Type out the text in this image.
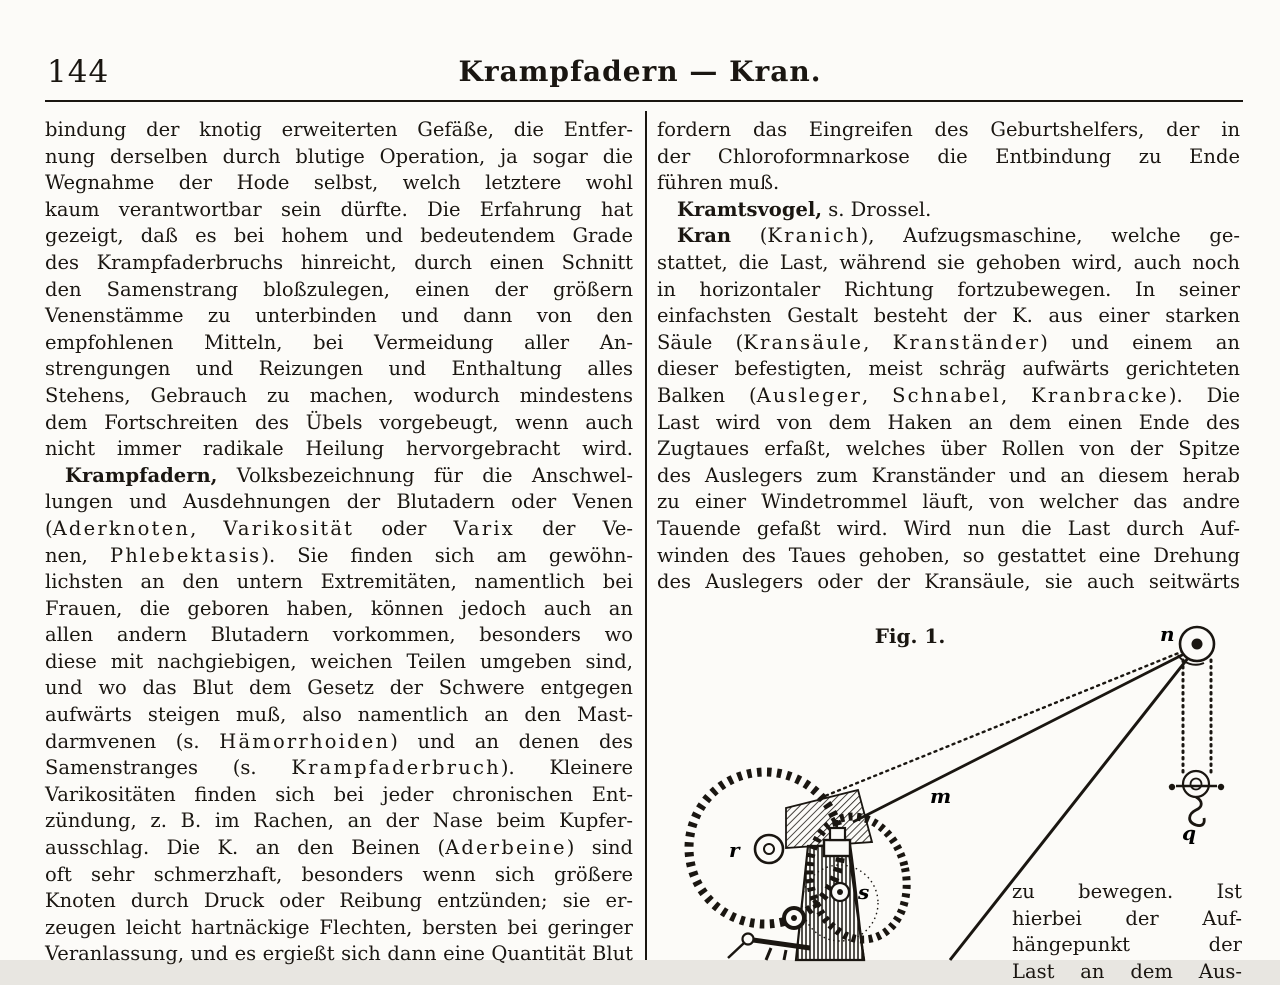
144	Krampfadern — Kran.
bindung der knotig erweiterten Gefäße, die Entfer-
nung derselben durch blutige Operation, ja sogar die
Wegnahme der Hode selbst, welch letztere wohl
kaum verantwortbar sein dürfte. Die Erfahrung hat
gezeigt, daß es bei hohem und bedeutendem Grade
des Krampfaderbruchs hinreicht, durch einen Schnitt
den Samenstrang bloßzulegen, einen der größern
Venenstämme zu unterbinden und dann von den
empfohlenen Mitteln, bei Vermeidung aller An-
strengungen und Reizungen und Enthaltung alles
Stehens, Gebrauch zu machen, wodurch mindestens
dem Fortschreiten des Übels vorgebeugt, wenn auch
nicht immer radikale Heilung hervorgebracht wird.
Krampfadern, Volksbezeichnung für die Anschwel-
lungen und Ausdehnungen der Blutadern oder Venen
(Aderknoten, Varikosität oder Varix der Ve-
nen, Phlebektasis). Sie finden sich am gewöhn-
lichsten an den untern Extremitäten, namentlich bei
Frauen, die geboren haben, können jedoch auch an
allen andern Blutadern vorkommen, besonders wo
diese mit nachgiebigen, weichen Teilen umgeben sind,
und wo das Blut dem Gesetz der Schwere entgegen
aufwärts steigen muß, also namentlich an den Mast-
darmvenen (s. Hämorrhoiden) und an denen des
Samenstranges (s. Krampfaderbruch). Kleinere
Varikositäten finden sich bei jeder chronischen Ent-
zündung, z. B. im Rachen, an der Nase beim Kupfer-
ausschlag. Die K. an den Beinen (Aderbeine) sind
oft sehr schmerzhaft, besonders wenn sich größere
Knoten durch Druck oder Reibung entzünden; sie er-
zeugen leicht hartnäckige Flechten, bersten bei geringer
Veranlassung, und es ergießt sich dann eine Quantität Blut
fordern das Eingreifen des Geburtshelfers, der in
der Chloroformnarkose die Entbindung zu Ende
führen muß.
Kramtsvogel, s. Drossel.
Kran (Kranich), Aufzugsmaschine, welche ge-
stattet, die Last, während sie gehoben wird, auch noch
in horizontaler Richtung fortzubewegen. In seiner
einfachsten Gestalt besteht der K. aus einer starken
Säule (Kransäule, Kranständer) und einem an
dieser befestigten, meist schräg aufwärts gerichteten
Balken (Ausleger, Schnabel, Kranbracke). Die
Last wird von dem Haken an dem einen Ende des
Zugtaues erfaßt, welches über Rollen von der Spitze
des Auslegers zum Kranständer und an diesem herab
zu einer Windetrommel läuft, von welcher das andre
Tauende gefaßt wird. Wird nun die Last durch Auf-
winden des Taues gehoben, so gestattet eine Drehung
des Auslegers oder der Kransäule, sie auch seitwärts
Fig. 1.	n
m
r
s
q
zu bewegen. Ist
hierbei der Auf-
hängepunkt der
Last an dem Aus-
